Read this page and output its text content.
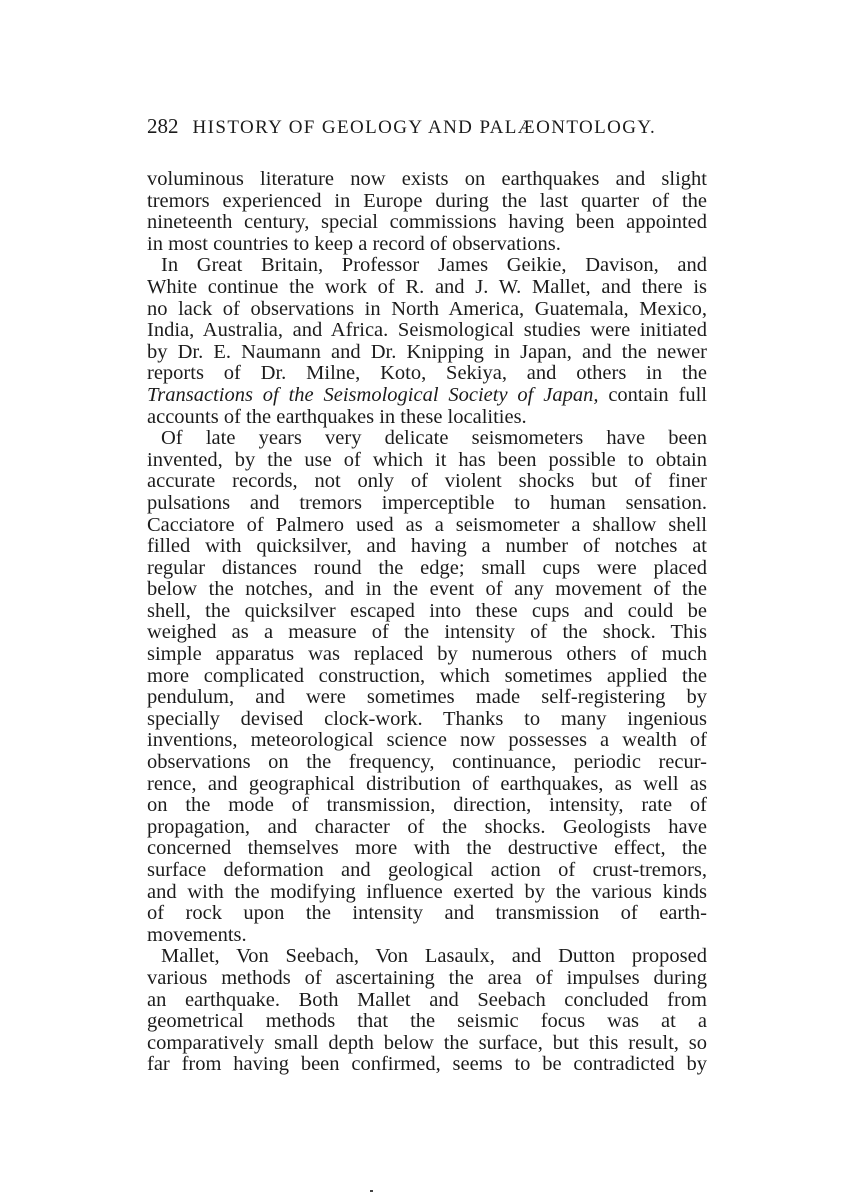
282 HISTORY OF GEOLOGY AND PALÆONTOLOGY.
voluminous literature now exists on earthquakes and slight
tremors experienced in Europe during the last quarter of the
nineteenth century, special commissions having been appointed
in most countries to keep a record of observations.
In Great Britain, Professor James Geikie, Davison, and
White continue the work of R. and J. W. Mallet, and there is
no lack of observations in North America, Guatemala, Mexico,
India, Australia, and Africa. Seismological studies were initiated
by Dr. E. Naumann and Dr. Knipping in Japan, and the newer
reports of Dr. Milne, Koto, Sekiya, and others in the
Transactions of the Seismological Society of Japan, contain full
accounts of the earthquakes in these localities.
Of late years very delicate seismometers have been
invented, by the use of which it has been possible to obtain
accurate records, not only of violent shocks but of finer
pulsations and tremors imperceptible to human sensation.
Cacciatore of Palmero used as a seismometer a shallow shell
filled with quicksilver, and having a number of notches at
regular distances round the edge; small cups were placed
below the notches, and in the event of any movement of the
shell, the quicksilver escaped into these cups and could be
weighed as a measure of the intensity of the shock. This
simple apparatus was replaced by numerous others of much
more complicated construction, which sometimes applied the
pendulum, and were sometimes made self-registering by
specially devised clock-work. Thanks to many ingenious
inventions, meteorological science now possesses a wealth of
observations on the frequency, continuance, periodic recur-
rence, and geographical distribution of earthquakes, as well as
on the mode of transmission, direction, intensity, rate of
propagation, and character of the shocks. Geologists have
concerned themselves more with the destructive effect, the
surface deformation and geological action of crust-tremors,
and with the modifying influence exerted by the various kinds
of rock upon the intensity and transmission of earth-
movements.
Mallet, Von Seebach, Von Lasaulx, and Dutton proposed
various methods of ascertaining the area of impulses during
an earthquake. Both Mallet and Seebach concluded from
geometrical methods that the seismic focus was at a
comparatively small depth below the surface, but this result, so
far from having been confirmed, seems to be contradicted by
